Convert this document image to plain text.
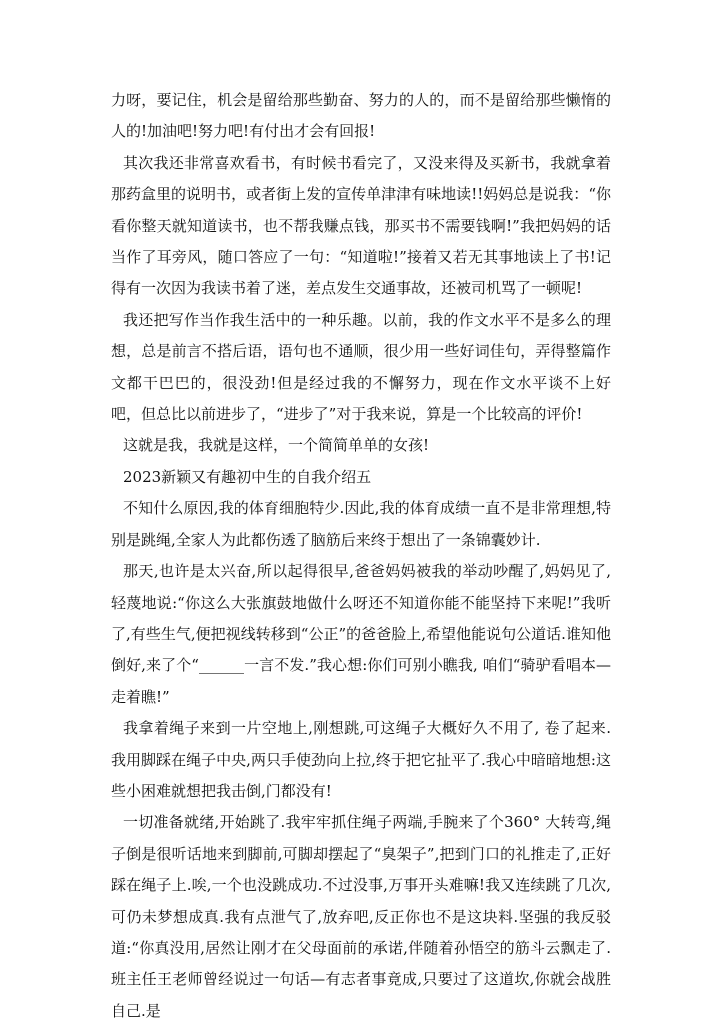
力呀，要记住，机会是留给那些勤奋、努力的人的，而不是留给那些懒惰的人的!加油吧!努力吧!有付出才会有回报!

其次我还非常喜欢看书，有时候书看完了，又没来得及买新书，我就拿着那药盒里的说明书，或者街上发的宣传单津津有味地读!!妈妈总是说我：“你看你整天就知道读书，也不帮我赚点钱，那买书不需要钱啊!”我把妈妈的话当作了耳旁风，随口答应了一句：“知道啦!”接着又若无其事地读上了书!记得有一次因为我读书着了迷，差点发生交通事故，还被司机骂了一顿呢!

我还把写作当作我生活中的一种乐趣。以前，我的作文水平不是多么的理想，总是前言不搭后语，语句也不通顺，很少用一些好词佳句，弄得整篇作文都干巴巴的，很没劲!但是经过我的不懈努力，现在作文水平谈不上好吧，但总比以前进步了，“进步了”对于我来说，算是一个比较高的评价!

这就是我，我就是这样，一个简简单单的女孩!

2023新颖又有趣初中生的自我介绍五

不知什么原因,我的体育细胞特少.因此,我的体育成绩一直不是非常理想,特别是跳绳,全家人为此都伤透了脑筋后来终于想出了一条锦囊妙计.

那天,也许是太兴奋,所以起得很早,爸爸妈妈被我的举动吵醒了,妈妈见了,轻蔑地说:“你这么大张旗鼓地做什么呀还不知道你能不能坚持下来呢!”我听了,有些生气,便把视线转移到“公正”的爸爸脸上,希望他能说句公道话.谁知他倒好,来了个“______一言不发.”我心想:你们可别小瞧我, 咱们“骑驴看唱本—走着瞧!”

我拿着绳子来到一片空地上,刚想跳,可这绳子大概好久不用了, 卷了起来.我用脚踩在绳子中央,两只手使劲向上拉,终于把它扯平了.我心中暗暗地想:这些小困难就想把我击倒,门都没有!

一切准备就绪,开始跳了.我牢牢抓住绳子两端,手腕来了个360° 大转弯,绳子倒是很听话地来到脚前,可脚却摆起了“臭架子”,把到门口的礼推走了,正好踩在绳子上.唉,一个也没跳成功.不过没事,万事开头难嘛!我又连续跳了几次,可仍未梦想成真.我有点泄气了,放弃吧,反正你也不是这块料.坚强的我反驳道:“你真没用,居然让刚才在父母面前的承诺,伴随着孙悟空的筋斗云飘走了.班主任王老师曾经说过一句话—有志者事竟成,只要过了这道坎,你就会战胜自己.是
